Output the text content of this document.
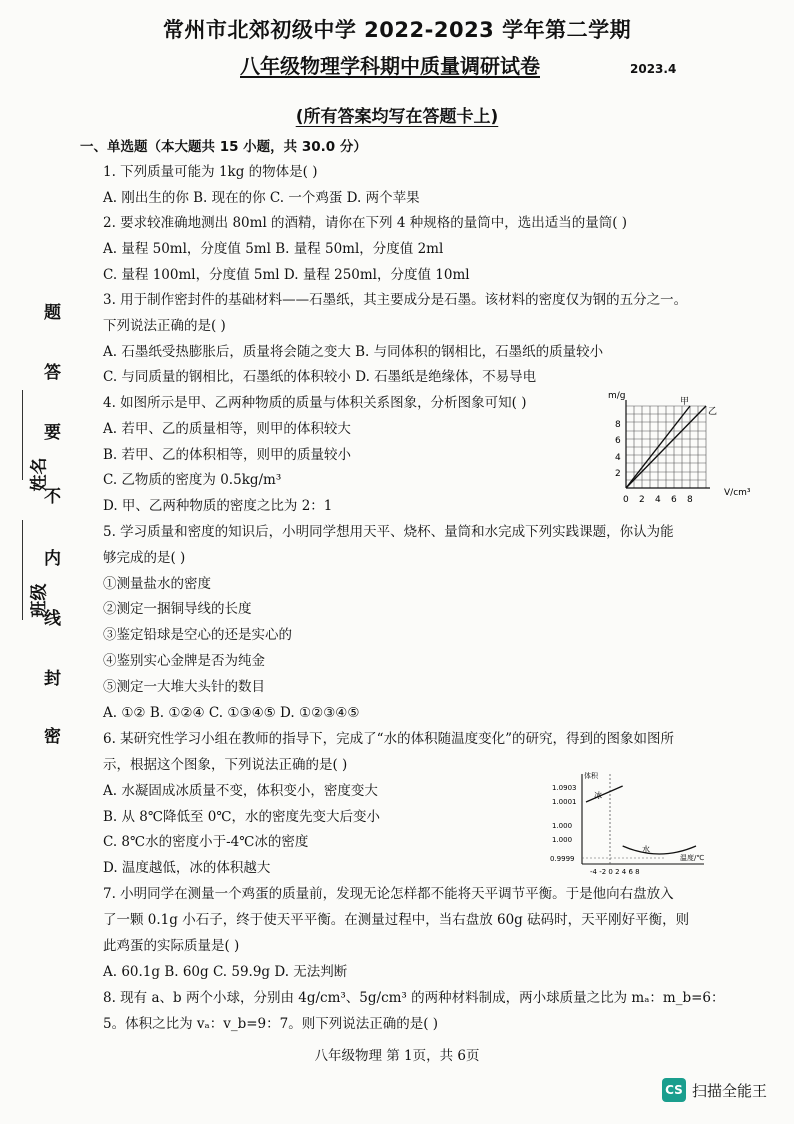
常州市北郊初级中学 2022-2023 学年第二学期
八年级物理学科期中质量调研试卷	2023.4
(所有答案均写在答题卡上)
班级
姓名
密
封
线
内
不
要
答
题
一、单选题（本大题共 15 小题，共 30.0 分）
1. 下列质量可能为 1kg 的物体是( )
A. 刚出生的你 B. 现在的你 C. 一个鸡蛋 D. 两个苹果
2. 要求较准确地测出 80ml 的酒精，请你在下列 4 种规格的量筒中，选出适当的量筒( )
A. 量程 50ml，分度值 5ml B. 量程 50ml，分度值 2ml
C. 量程 100ml，分度值 5ml D. 量程 250ml，分度值 10ml
3. 用于制作密封件的基础材料——石墨纸，其主要成分是石墨。该材料的密度仅为钢的五分之一。
下列说法正确的是( )
A. 石墨纸受热膨胀后，质量将会随之变大 B. 与同体积的钢相比，石墨纸的质量较小
C. 与同质量的钢相比，石墨纸的体积较小 D. 石墨纸是绝缘体，不易导电
4. 如图所示是甲、乙两种物质的质量与体积关系图象，分析图象可知( )
A. 若甲、乙的质量相等，则甲的体积较大
B. 若甲、乙的体积相等，则甲的质量较小
C. 乙物质的密度为 0.5kg/m³
D. 甲、乙两种物质的密度之比为 2：1
5. 学习质量和密度的知识后，小明同学想用天平、烧杯、量筒和水完成下列实践课题，你认为能
够完成的是( )
①测量盐水的密度
②测定一捆铜导线的长度
③鉴定铅球是空心的还是实心的
④鉴别实心金牌是否为纯金
⑤测定一大堆大头针的数目
A. ①② B. ①②④ C. ①③④⑤ D. ①②③④⑤
6. 某研究性学习小组在教师的指导下，完成了“水的体积随温度变化”的研究，得到的图象如图所
示，根据这个图象，下列说法正确的是( )
A. 水凝固成冰质量不变，体积变小，密度变大
B. 从 8℃降低至 0℃，水的密度先变大后变小
C. 8℃水的密度小于-4℃冰的密度
D. 温度越低，冰的体积越大
7. 小明同学在测量一个鸡蛋的质量前，发现无论怎样都不能将天平调节平衡。于是他向右盘放入
了一颗 0.1g 小石子，终于使天平平衡。在测量过程中，当右盘放 60g 砝码时，天平刚好平衡，则
此鸡蛋的实际质量是( )
A. 60.1g B. 60g C. 59.9g D. 无法判断
8. 现有 a、b 两个小球，分别由 4g/cm³、5g/cm³ 的两种材料制成，两小球质量之比为 mₐ：m_b=6：
5。体积之比为 vₐ：v_b=9：7。则下列说法正确的是( )
m/g
V/cm³
8
6
4
2
0 2 4 6 8
甲
乙
体积
温度/℃
1.0903
1.0001
1.000
1.000
0.9999
-4 -2 0 2 4 6 8
冰
水
八年级物理 第 1页，共 6页
CS 扫描全能王
